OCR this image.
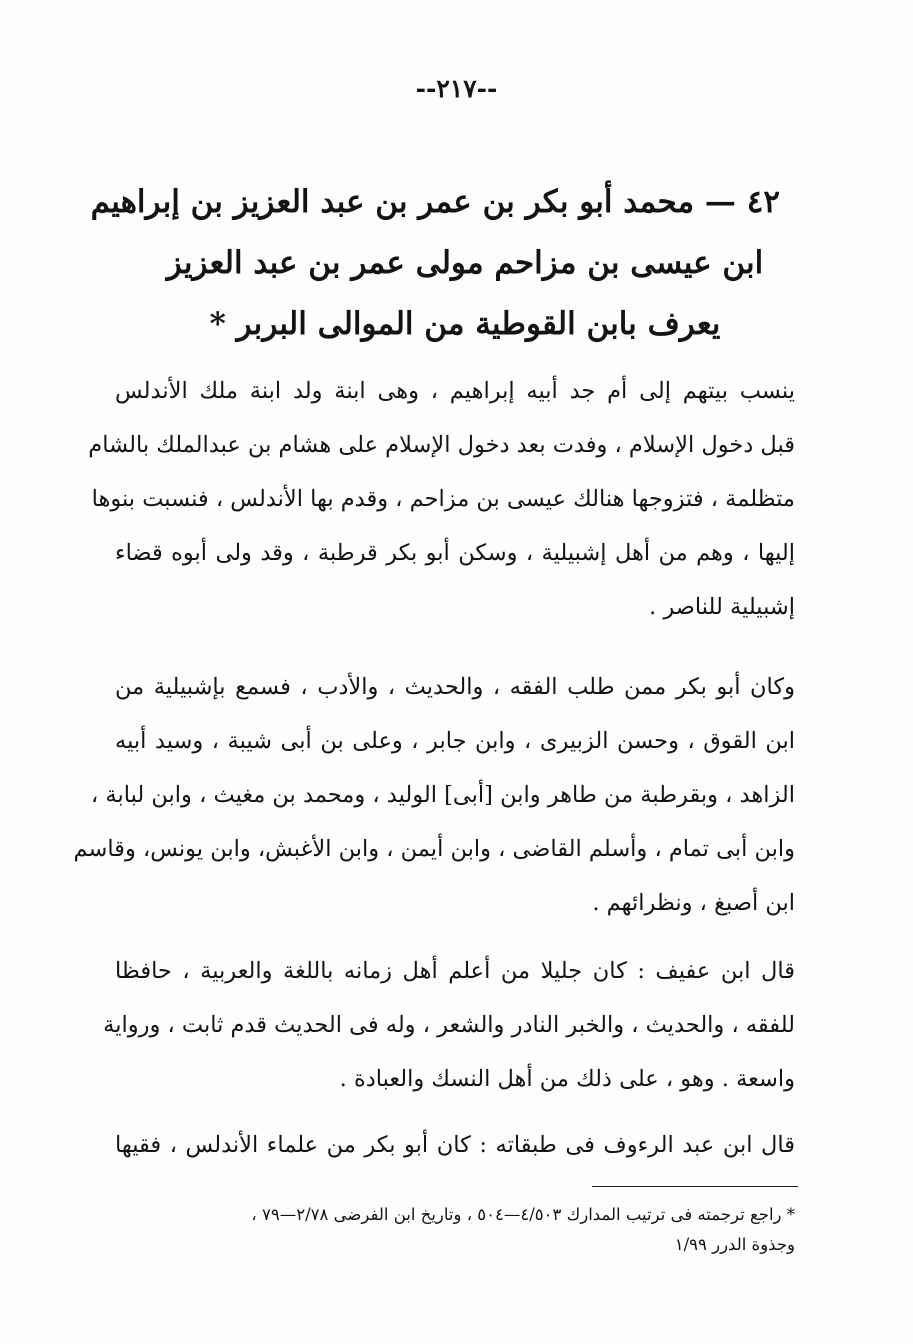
--٢١٧--
٤٢ — محمد أبو بكر بن عمر بن عبد العزيز بن إبراهيم
ابن عيسى بن مزاحم مولى عمر بن عبد العزيز
يعرف بابن القوطية من الموالى البربر *
ينسب بيتهم إلى أم جد أبيه إبراهيم ، وهى ابنة ولد ابنة ملك الأندلس
قبل دخول الإسلام ، وفدت بعد دخول الإسلام على هشام بن عبدالملك بالشام
متظلمة ، فتزوجها هنالك عيسى بن مزاحم ، وقدم بها الأندلس ، فنسبت بنوها
إليها ، وهم من أهل إشبيلية ، وسكن أبو بكر قرطبة ، وقد ولى أبوه قضاء
إشبيلية للناصر .
وكان أبو بكر ممن طلب الفقه ، والحديث ، والأدب ، فسمع بإشبيلية من
ابن القوق ، وحسن الزبيرى ، وابن جابر ، وعلى بن أبى شيبة ، وسيد أبيه
الزاهد ، وبقرطبة من طاهر وابن [أبى] الوليد ، ومحمد بن مغيث ، وابن لبابة ،
وابن أبى تمام ، وأسلم القاضى ، وابن أيمن ، وابن الأغبش، وابن يونس، وقاسم
ابن أصبغ ، ونظرائهم .
قال ابن عفيف : كان جليلا من أعلم أهل زمانه باللغة والعربية ، حافظا
للفقه ، والحديث ، والخبر النادر والشعر ، وله فى الحديث قدم ثابت ، ورواية
واسعة . وهو ، على ذلك من أهل النسك والعبادة .
قال ابن عبد الرءوف فى طبقاته : كان أبو بكر من علماء الأندلس ، فقيها
* راجع ترجمته فى ترتيب المدارك ٤/٥٠٣—٥٠٤ ، وتاريخ ابن الفرضى ٢/٧٨—٧٩ ،
وجذوة الدرر ١/٩٩
